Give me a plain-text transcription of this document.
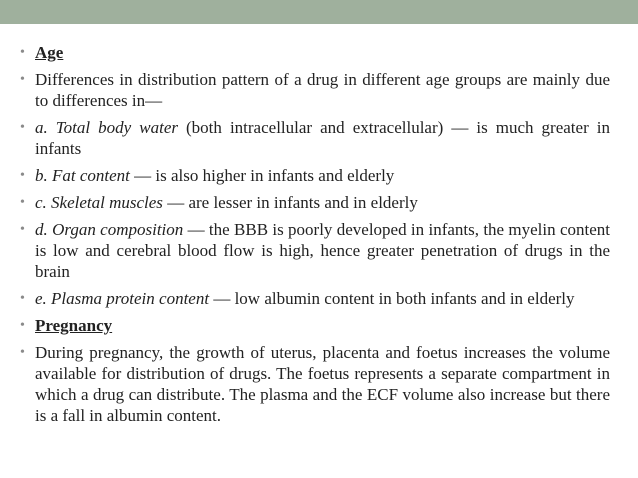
• Age
• Differences in distribution pattern of a drug in different age groups are mainly due to differences in—
• a. Total body water (both intracellular and extracellular) — is much greater in infants
• b. Fat content — is also higher in infants and elderly
• c. Skeletal muscles — are lesser in infants and in elderly
• d. Organ composition — the BBB is poorly developed in infants, the myelin content is low and cerebral blood flow is high, hence greater penetration of drugs in the brain
• e. Plasma protein content — low albumin content in both infants and in elderly
• Pregnancy
• During pregnancy, the growth of uterus, placenta and foetus increases the volume available for distribution of drugs. The foetus represents a separate compartment in which a drug can distribute. The plasma and the ECF volume also increase but there is a fall in albumin content.
